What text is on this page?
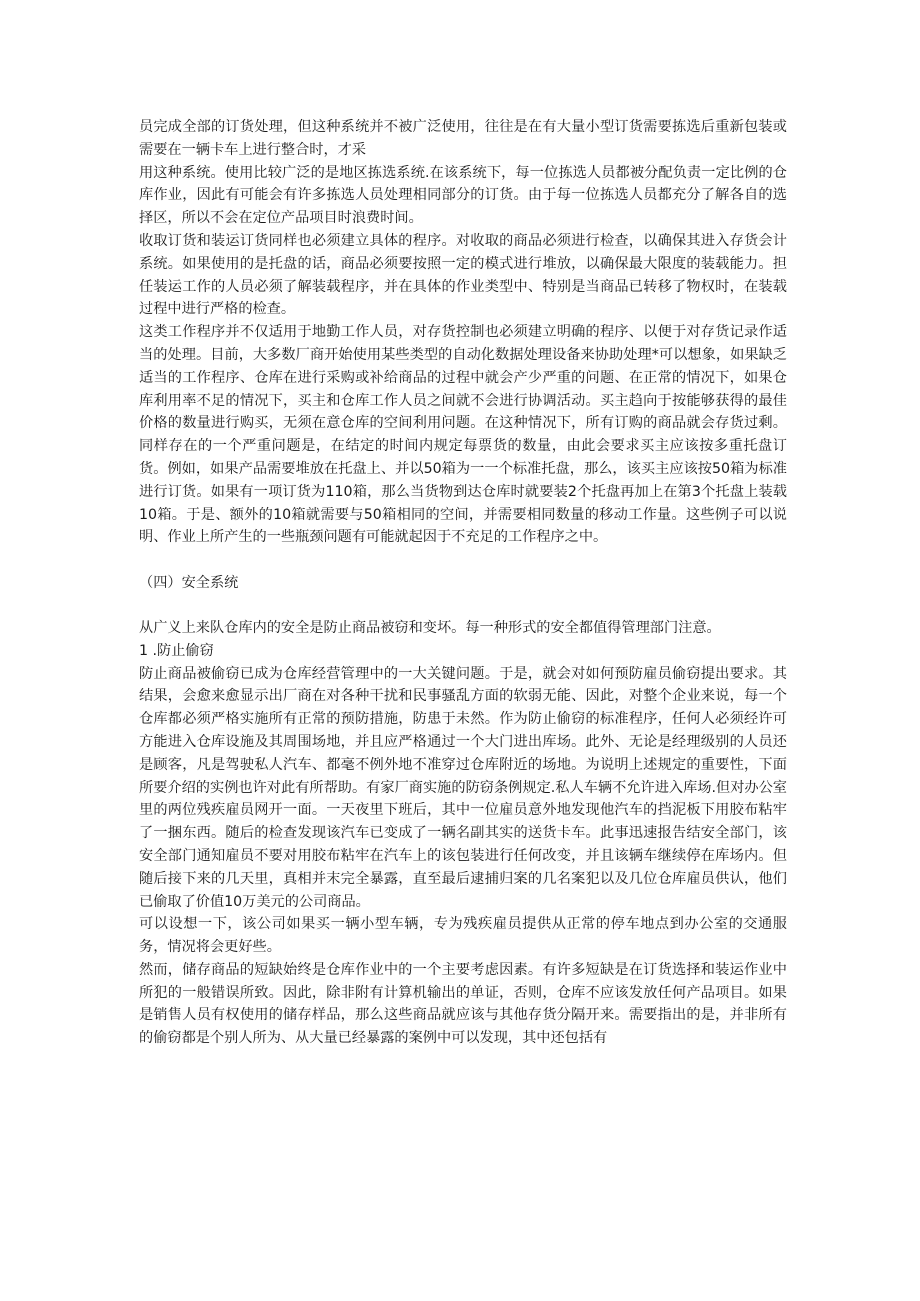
员完成全部的订货处理，但这种系统并不被广泛使用，往往是在有大量小型订货需要拣选后重新包装或需要在一辆卡车上进行整合时，才采

用这种系统。使用比较广泛的是地区拣选系统.在该系统下，每一位拣选人员都被分配负责一定比例的仓库作业，因此有可能会有许多拣选人员处理相同部分的订货。由于每一位拣选人员都充分了解各自的选择区，所以不会在定位产品项目时浪费时间。

收取订货和装运订货同样也必须建立具体的程序。对收取的商品必须进行检查，以确保其进入存货会计系统。如果使用的是托盘的话，商品必须要按照一定的模式进行堆放，以确保最大限度的装载能力。担任装运工作的人员必须了解装载程序，并在具体的作业类型中、特别是当商品已转移了物权时，在装载过程中进行严格的检查。

这类工作程序并不仅适用于地勤工作人员，对存货控制也必须建立明确的程序、以便于对存货记录作适当的处理。目前，大多数厂商开始使用某些类型的自动化数据处理设备来协助处理*可以想象，如果缺乏适当的工作程序、仓库在进行采购或补给商品的过程中就会产少严重的问题、在正常的情况下，如果仓库利用率不足的情况下，买主和仓库工作人员之间就不会进行协调活动。买主趋向于按能够获得的最佳价格的数量进行购买，无须在意仓库的空间利用问题。在这种情况下，所有订购的商品就会存货过剩。同样存在的一个严重问题是，在结定的时间内规定每票货的数量，由此会要求买主应该按多重托盘订货。例如，如果产品需要堆放在托盘上、并以50箱为一一个标准托盘，那么，该买主应该按50箱为标准进行订货。如果有一项订货为110箱，那么当货物到达仓库时就要装2个托盘再加上在第3个托盘上装载10箱。于是、额外的10箱就需要与50箱相同的空间，并需要相同数量的移动工作量。这些例子可以说明、作业上所产生的一些瓶颈问题有可能就起因于不充足的工作程序之中。

（四）安全系统

从广义上来队仓库内的安全是防止商品被窃和变坏。每一种形式的安全都值得管理部门注意。

1 .防止偷窃

防止商品被偷窃已成为仓库经营管理中的一大关键问题。于是，就会对如何预防雇员偷窃提出要求。其结果，会愈来愈显示出厂商在对各种干扰和民事骚乱方面的软弱无能、因此，对整个企业来说，每一个仓库都必须严格实施所有正常的预防措施，防患于未然。作为防止偷窃的标准程序，任何人必须经许可方能进入仓库设施及其周围场地，并且应严格通过一个大门进出库场。此外、无论是经理级别的人员还是顾客，凡是驾驶私人汽车、都毫不例外地不准穿过仓库附近的场地。为说明上述规定的重要性，下面所要介绍的实例也许对此有所帮助。有家厂商实施的防窃条例规定.私人车辆不允许进入库场.但对办公室里的两位残疾雇员网开一面。一天夜里下班后，其中一位雇员意外地发现他汽车的挡泥板下用胶布粘牢了一捆东西。随后的检查发现该汽车已变成了一辆名副其实的送货卡车。此事迅速报告结安全部门，该安全部门通知雇员不要对用胶布粘牢在汽车上的该包装进行任何改变，并且该辆车继续停在库场内。但随后接下来的几天里，真相并末完全暴露，直至最后逮捕归案的几名案犯以及几位仓库雇员供认，他们已偷取了价值10万美元的公司商品。

可以设想一下，该公司如果买一辆小型车辆，专为残疾雇员提供从正常的停车地点到办公室的交通服务，情况将会更好些。

然而，储存商品的短缺始终是仓库作业中的一个主要考虑因素。有许多短缺是在订货选择和装运作业中所犯的一般错误所致。因此，除非附有计算机输出的单证，否则，仓库不应该发放任何产品项目。如果是销售人员有权使用的储存样品，那么这些商品就应该与其他存货分隔开来。需要指出的是，并非所有的偷窃都是个别人所为、从大量已经暴露的案例中可以发现，其中还包括有
